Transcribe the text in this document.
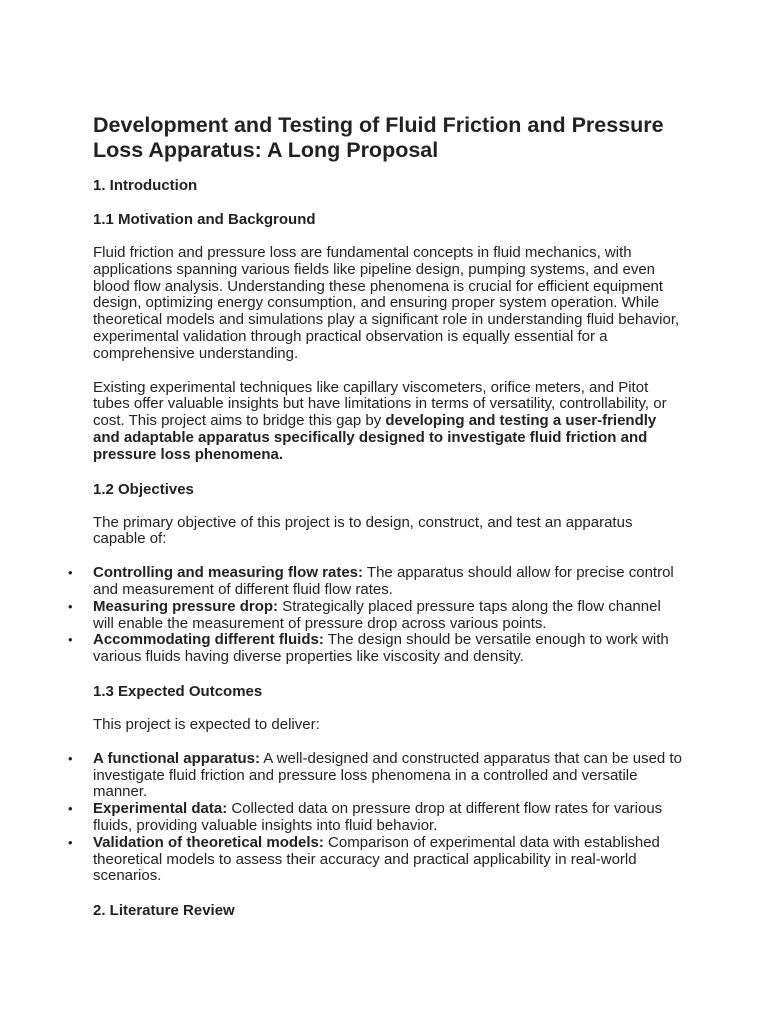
Development and Testing of Fluid Friction and Pressure Loss Apparatus: A Long Proposal
1. Introduction
1.1 Motivation and Background

Fluid friction and pressure loss are fundamental concepts in fluid mechanics, with applications spanning various fields like pipeline design, pumping systems, and even blood flow analysis. Understanding these phenomena is crucial for efficient equipment design, optimizing energy consumption, and ensuring proper system operation. While theoretical models and simulations play a significant role in understanding fluid behavior, experimental validation through practical observation is equally essential for a comprehensive understanding.

Existing experimental techniques like capillary viscometers, orifice meters, and Pitot tubes offer valuable insights but have limitations in terms of versatility, controllability, or cost. This project aims to bridge this gap by developing and testing a user-friendly and adaptable apparatus specifically designed to investigate fluid friction and pressure loss phenomena.

1.2 Objectives

The primary objective of this project is to design, construct, and test an apparatus capable of:

• Controlling and measuring flow rates: The apparatus should allow for precise control and measurement of different fluid flow rates.
• Measuring pressure drop: Strategically placed pressure taps along the flow channel will enable the measurement of pressure drop across various points.
• Accommodating different fluids: The design should be versatile enough to work with various fluids having diverse properties like viscosity and density.
1.3 Expected Outcomes

This project is expected to deliver:

• A functional apparatus: A well-designed and constructed apparatus that can be used to investigate fluid friction and pressure loss phenomena in a controlled and versatile manner.
• Experimental data: Collected data on pressure drop at different flow rates for various fluids, providing valuable insights into fluid behavior.
• Validation of theoretical models: Comparison of experimental data with established theoretical models to assess their accuracy and practical applicability in real-world scenarios.
2. Literature Review
